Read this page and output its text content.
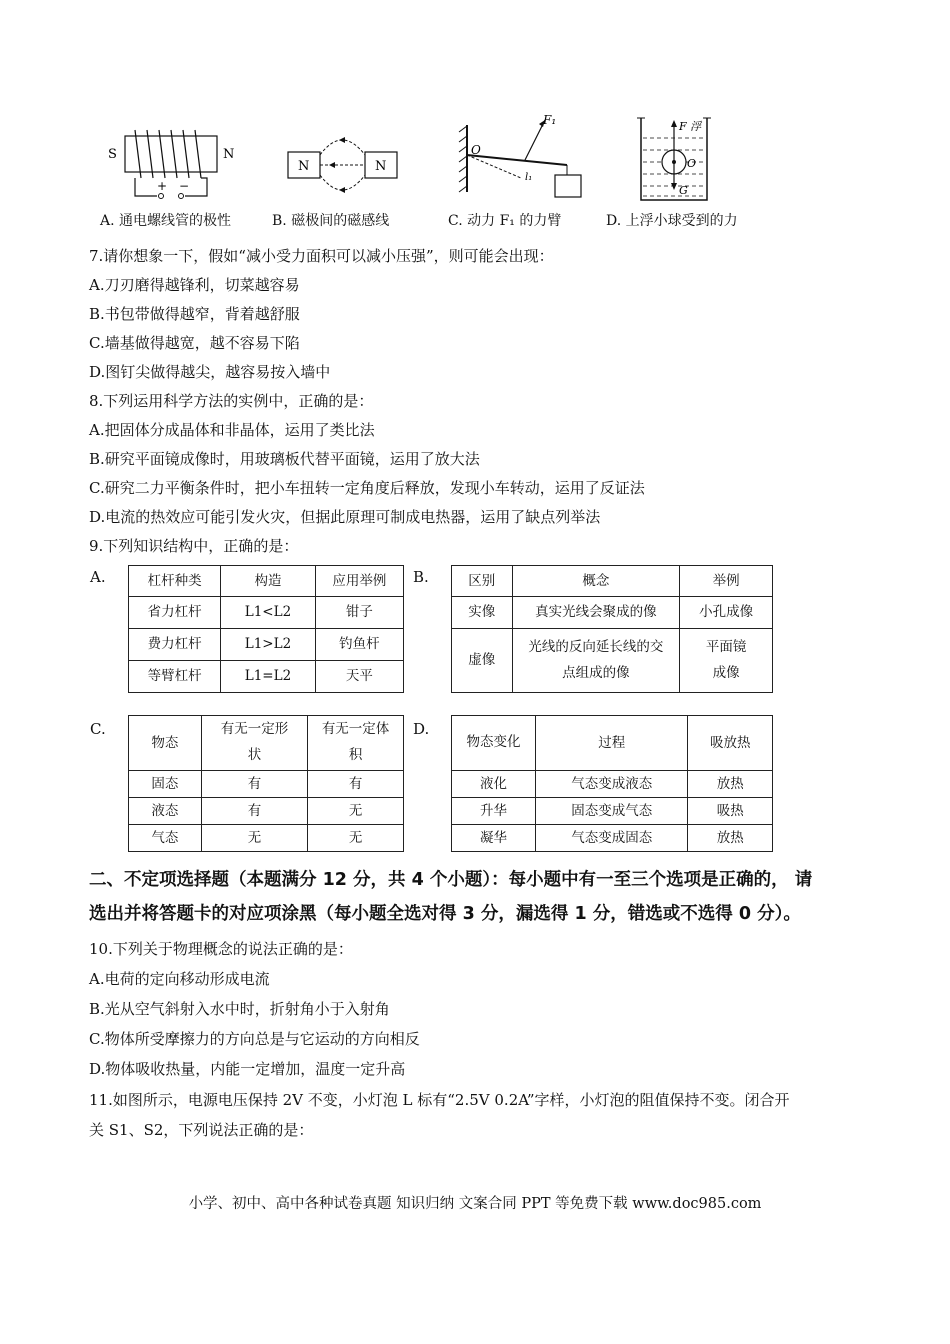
S	N
+ −
N	N
O
F₁
l₁
F 浮
O
G
A. 通电螺线管的极性	B. 磁极间的磁感线	C. 动力 F₁ 的力臂	D. 上浮小球受到的力
7.请你想象一下，假如“减小受力面积可以减小压强”，则可能会出现：
A.刀刃磨得越锋利，切菜越容易
B.书包带做得越窄，背着越舒服
C.墙基做得越宽，越不容易下陷
D.图钉尖做得越尖，越容易按入墙中
8.下列运用科学方法的实例中，正确的是：
A.把固体分成晶体和非晶体，运用了类比法
B.研究平面镜成像时，用玻璃板代替平面镜，运用了放大法
C.研究二力平衡条件时，把小车扭转一定角度后释放，发现小车转动，运用了反证法
D.电流的热效应可能引发火灾，但据此原理可制成电热器，运用了缺点列举法
9.下列知识结构中，正确的是：
A.	杠杆种类	构造	应用举例
省力杠杆	L1<L2	钳子
费力杠杆	L1>L2	钓鱼杆
等臂杠杆	L1=L2	天平
B.	区别	概念	举例
实像	真实光线会聚成的像	小孔成像
虚像	光线的反向延长线的交点组成的像	平面镜成像
C.
物态	有无一定形状	有无一定体积
固态	有	有
液态	有	无
气态	无	无
D.
物态变化	过程	吸放热
液化	气态变成液态	放热
升华	固态变成气态	吸热
凝华	气态变成固态	放热
二、不定项选择题（本题满分 12 分，共 4 个小题）：每小题中有一至三个选项是正确的， 请
选出并将答题卡的对应项涂黑（每小题全选对得 3 分，漏选得 1 分，错选或不选得 0 分）。
10.下列关于物理概念的说法正确的是：
A.电荷的定向移动形成电流
B.光从空气斜射入水中时，折射角小于入射角
C.物体所受摩擦力的方向总是与它运动的方向相反
D.物体吸收热量，内能一定增加，温度一定升高
11.如图所示，电源电压保持 2V 不变，小灯泡 L 标有“2.5V 0.2A”字样，小灯泡的阻值保持不变。闭合开
关 S1、S2，下列说法正确的是：
小学、初中、高中各种试卷真题 知识归纳 文案合同 PPT 等免费下载 www.doc985.com
